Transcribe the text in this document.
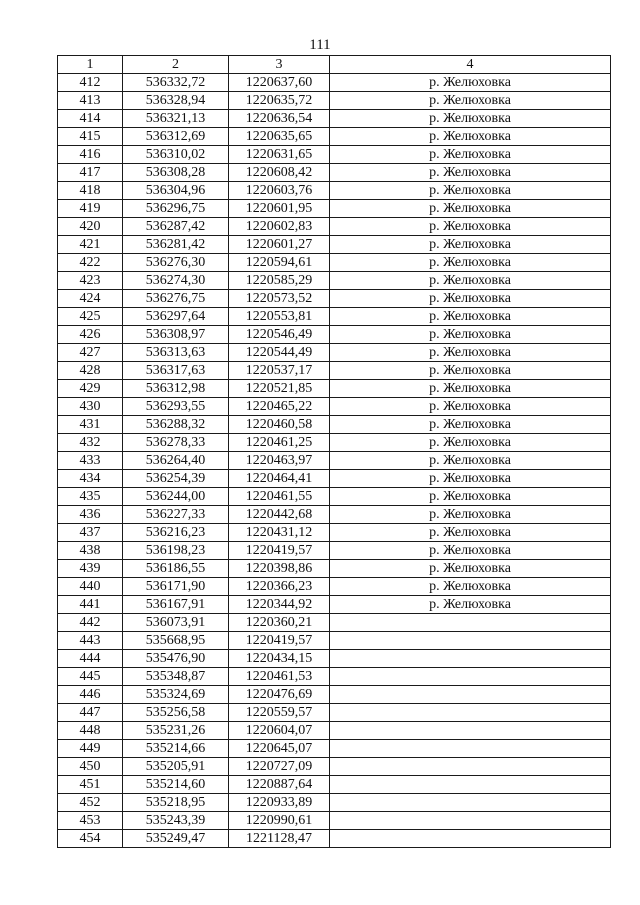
111
1	2	3	4
412	536332,72	1220637,60	р. Желюховка
413	536328,94	1220635,72	р. Желюховка
414	536321,13	1220636,54	р. Желюховка
415	536312,69	1220635,65	р. Желюховка
416	536310,02	1220631,65	р. Желюховка
417	536308,28	1220608,42	р. Желюховка
418	536304,96	1220603,76	р. Желюховка
419	536296,75	1220601,95	р. Желюховка
420	536287,42	1220602,83	р. Желюховка
421	536281,42	1220601,27	р. Желюховка
422	536276,30	1220594,61	р. Желюховка
423	536274,30	1220585,29	р. Желюховка
424	536276,75	1220573,52	р. Желюховка
425	536297,64	1220553,81	р. Желюховка
426	536308,97	1220546,49	р. Желюховка
427	536313,63	1220544,49	р. Желюховка
428	536317,63	1220537,17	р. Желюховка
429	536312,98	1220521,85	р. Желюховка
430	536293,55	1220465,22	р. Желюховка
431	536288,32	1220460,58	р. Желюховка
432	536278,33	1220461,25	р. Желюховка
433	536264,40	1220463,97	р. Желюховка
434	536254,39	1220464,41	р. Желюховка
435	536244,00	1220461,55	р. Желюховка
436	536227,33	1220442,68	р. Желюховка
437	536216,23	1220431,12	р. Желюховка
438	536198,23	1220419,57	р. Желюховка
439	536186,55	1220398,86	р. Желюховка
440	536171,90	1220366,23	р. Желюховка
441	536167,91	1220344,92	р. Желюховка
442	536073,91	1220360,21	
443	535668,95	1220419,57	
444	535476,90	1220434,15	
445	535348,87	1220461,53	
446	535324,69	1220476,69	
447	535256,58	1220559,57	
448	535231,26	1220604,07	
449	535214,66	1220645,07	
450	535205,91	1220727,09	
451	535214,60	1220887,64	
452	535218,95	1220933,89	
453	535243,39	1220990,61	
454	535249,47	1221128,47	
